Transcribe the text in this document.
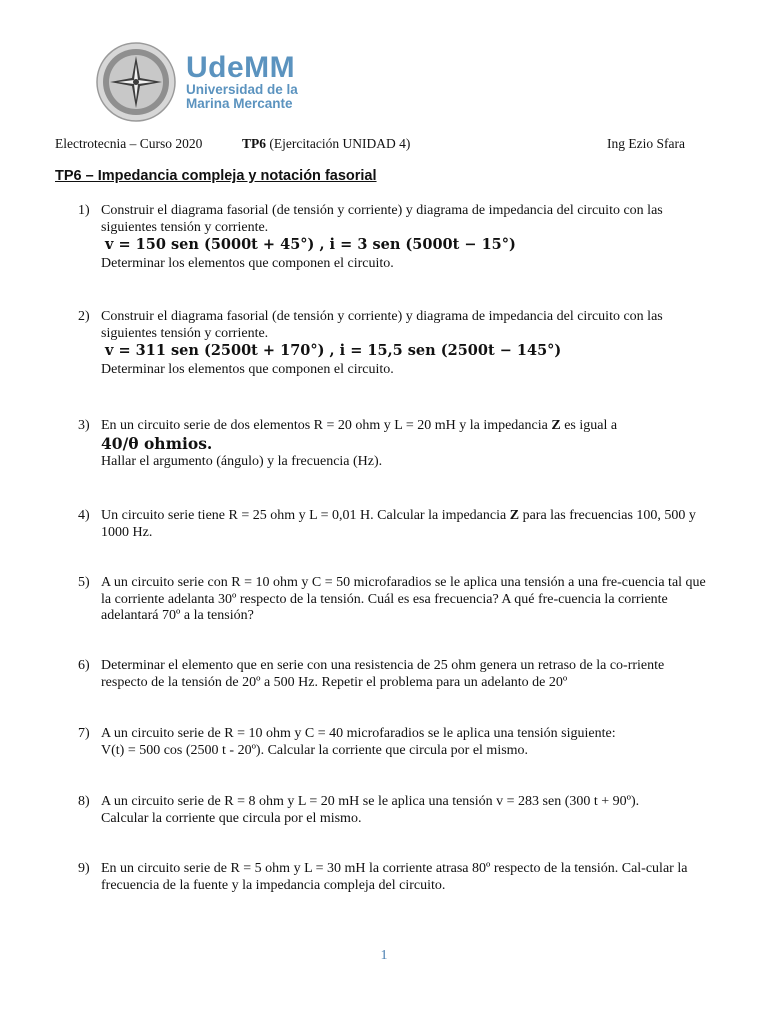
UdeMM
Universidad de la
Marina Mercante
Electrotecnia – Curso 2020	TP6 (Ejercitación UNIDAD 4)	Ing Ezio Sfara
TP6 – Impedancia compleja y notación fasorial
1) Construir el diagrama fasorial (de tensión y corriente) y diagrama de impedancia del circuito con las siguientes tensión y corriente.
v = 150 sen (5000t + 45°) , i = 3 sen (5000t − 15°)
Determinar los elementos que componen el circuito.
2) Construir el diagrama fasorial (de tensión y corriente) y diagrama de impedancia del circuito con las siguientes tensión y corriente.
v = 311 sen (2500t + 170°) , i = 15,5 sen (2500t − 145°)
Determinar los elementos que componen el circuito.
3) En un circuito serie de dos elementos R = 20 ohm y L = 20 mH y la impedancia Z es igual a
40/θ ohmios.
Hallar el argumento (ángulo) y la frecuencia (Hz).
4) Un circuito serie tiene R = 25 ohm y L = 0,01 H. Calcular la impedancia Z para las frecuencias 100, 500 y 1000 Hz.
5) A un circuito serie con R = 10 ohm y C = 50 microfaradios se le aplica una tensión a una fre-cuencia tal que la corriente adelanta 30º respecto de la tensión. Cuál es esa frecuencia? A qué fre-cuencia la corriente adelantará 70º a la tensión?
6) Determinar el elemento que en serie con una resistencia de 25 ohm genera un retraso de la co-rriente respecto de la tensión de 20º a 500 Hz. Repetir el problema para un adelanto de 20º
7) A un circuito serie de R = 10 ohm y C = 40 microfaradios se le aplica una tensión siguiente:
V(t) = 500 cos (2500 t - 20º). Calcular la corriente que circula por el mismo.
8) A un circuito serie de R = 8 ohm y L = 20 mH se le aplica una tensión v = 283 sen (300 t + 90º).
Calcular la corriente que circula por el mismo.
9) En un circuito serie de R = 5 ohm y L = 30 mH la corriente atrasa 80º respecto de la tensión. Cal-cular la frecuencia de la fuente y la impedancia compleja del circuito.
1
